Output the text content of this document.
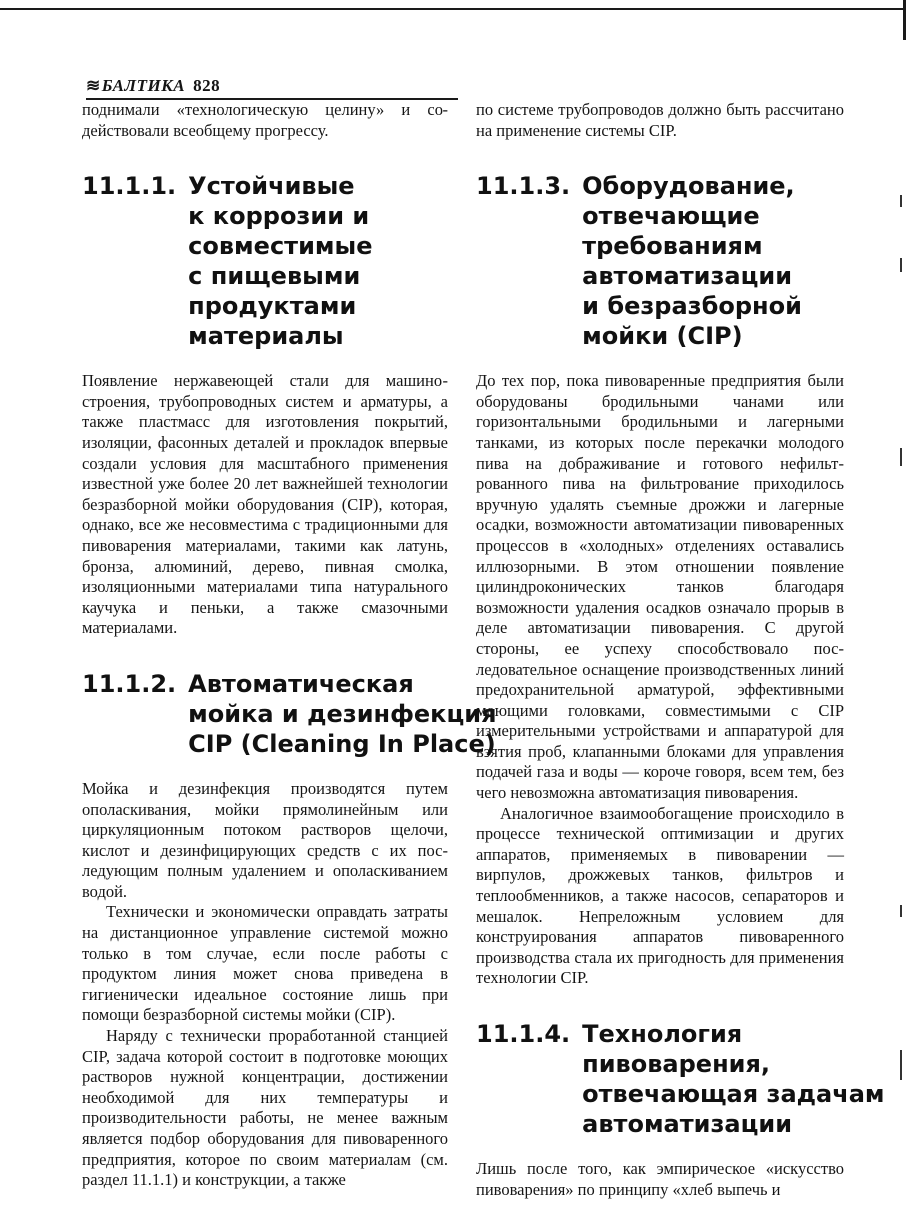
≋БАЛТИКА 828

поднимали «технологическую целину» и содействовали всеобщему прогрессу.

11.1.1. Устойчивые
к коррозии и
совместимые
с пищевыми
продуктами
материалы

Появление нержавеющей стали для машиностроения, трубопроводных систем и арматуры, а также пластмасс для изготовления покрытий, изоляции, фасонных деталей и прокладок впервые создали условия для масштабного применения известной уже более 20 лет важнейшей технологии безразборной мойки оборудования (CIP), которая, однако, все же несовместима с традиционными для пивоварения материалами, такими как латунь, бронза, алюминий, дерево, пивная смолка, изоляционными материалами типа натурального каучука и пеньки, а также смазочными материалами.

11.1.2. Автоматическая
мойка и дезинфекция
CIP (Cleaning In Place)

Мойка и дезинфекция производятся путем ополаскивания, мойки прямолинейным или циркуляционным потоком растворов щелочи, кислот и дезинфицирующих средств с их последующим полным удалением и ополаскиванием водой.

Технически и экономически оправдать затраты на дистанционное управление системой можно только в том случае, если после работы с продуктом линия может снова приведена в гигиенически идеальное состояние лишь при помощи безразборной системы мойки (CIP).

Наряду с технически проработанной станцией CIP, задача которой состоит в подготовке моющих растворов нужной концентрации, достижении необходимой для них температуры и производительности работы, не менее важным является подбор оборудования для пивоваренного предприятия, которое по своим материалам (см. раздел 11.1.1) и конструкции, а также

по системе трубопроводов должно быть рассчитано на применение системы CIP.

11.1.3. Оборудование,
отвечающие
требованиям
автоматизации
и безразборной
мойки (CIP)

До тех пор, пока пивоваренные предприятия были оборудованы бродильными чанами или горизонтальными бродильными и лагерными танками, из которых после перекачки молодого пива на дображивание и готового нефильтрованного пива на фильтрование приходилось вручную удалять съемные дрожжи и лагерные осадки, возможности автоматизации пивоваренных процессов в «холодных» отделениях оставались иллюзорными. В этом отношении появление цилиндроконических танков благодаря возможности удаления осадков означало прорыв в деле автоматизации пивоварения. С другой стороны, ее успеху способствовало последовательное оснащение производственных линий предохранительной арматурой, эффективными моющими головками, совместимыми с CIP измерительными устройствами и аппаратурой для взятия проб, клапанными блоками для управления подачей газа и воды — короче говоря, всем тем, без чего невозможна автоматизация пивоварения.

Аналогичное взаимообогащение происходило в процессе технической оптимизации и других аппаратов, применяемых в пивоварении — вирпулов, дрожжевых танков, фильтров и теплообменников, а также насосов, сепараторов и мешалок. Непреложным условием для конструирования аппаратов пивоваренного производства стала их пригодность для применения технологии CIP.

11.1.4. Технология
пивоварения,
отвечающая задачам
автоматизации

Лишь после того, как эмпирическое «искусство пивоварения» по принципу «хлеб выпечь и
